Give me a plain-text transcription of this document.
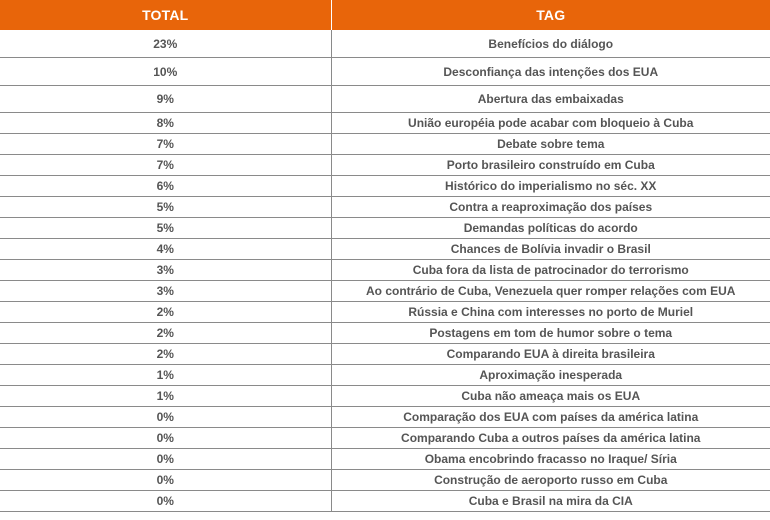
TOTAL	TAG
23%	Benefícios do diálogo
10%	Desconfiança das intenções dos EUA
9%	Abertura das embaixadas
8%	União européia pode acabar com bloqueio à Cuba
7%	Debate sobre tema
7%	Porto brasileiro construído em Cuba
6%	Histórico do imperialismo no séc. XX
5%	Contra a reaproximação dos países
5%	Demandas políticas do acordo
4%	Chances de Bolívia invadir o Brasil
3%	Cuba fora da lista de patrocinador do terrorismo
3%	Ao contrário de Cuba, Venezuela quer romper relações com EUA
2%	Rússia e China com interesses no porto de Muriel
2%	Postagens em tom de humor sobre o tema
2%	Comparando EUA à direita brasileira
1%	Aproximação inesperada
1%	Cuba não ameaça mais os EUA
0%	Comparação dos EUA com países da américa latina
0%	Comparando Cuba a outros países da américa latina
0%	Obama encobrindo fracasso no Iraque/ Síria
0%	Construção de aeroporto russo em Cuba
0%	Cuba e Brasil na mira da CIA
